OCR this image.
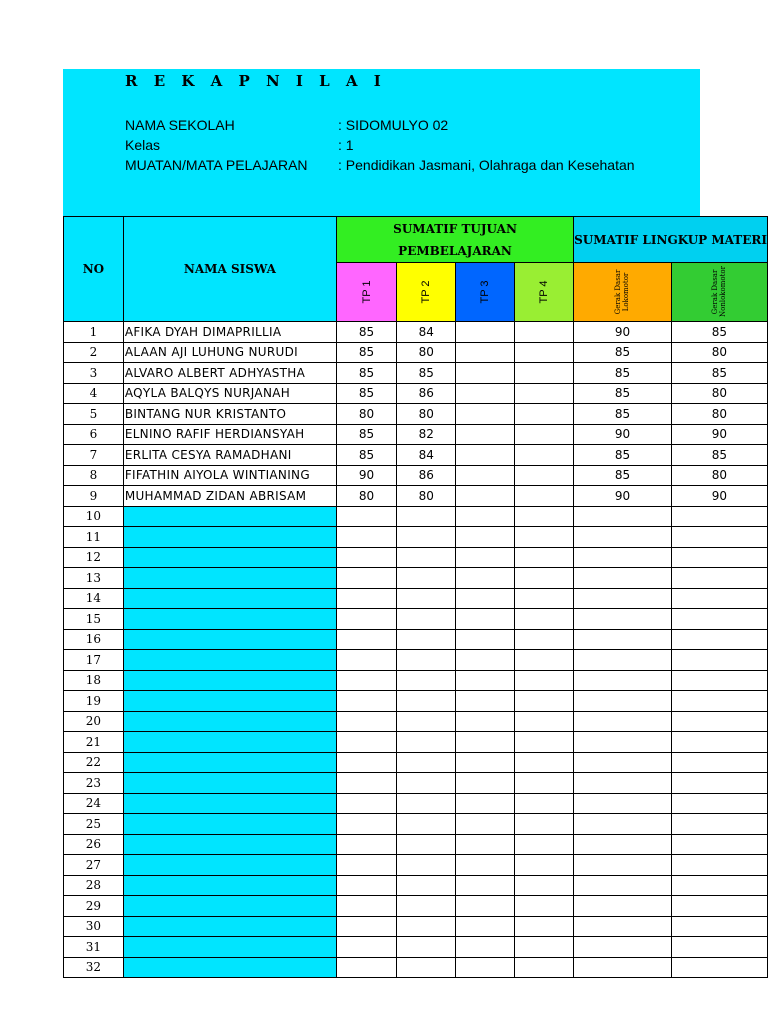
R E K A P N I L A I
NAMA SEKOLAH	: SIDOMULYO 02
Kelas	: 1
MUATAN/MATA PELAJARAN : Pendidikan Jasmani, Olahraga dan Kesehatan
NO	NAMA SISWA	SUMATIF TUJUAN PEMBELAJARAN				SUMATIF LINGKUP MATERI	

		TP 1	TP 2	TP 3	TP 4	Gerak Dasar Lokomotor	Gerak Dasar Nonlokomotor

1	AFIKA DYAH DIMAPRILLIA	85	84			90	85
2	ALAAN AJI LUHUNG NURUDI	85	80			85	80
3	ALVARO ALBERT ADHYASTHA	85	85			85	85
4	AQYLA BALQYS NURJANAH	85	86			85	80
5	BINTANG NUR KRISTANTO	80	80			85	80
6	ELNINO RAFIF HERDIANSYAH	85	82			90	90
7	ERLITA CESYA RAMADHANI	85	84			85	85
8	FIFATHIN AIYOLA WINTIANING	90	86			85	80
9	MUHAMMAD ZIDAN ABRISAM	80	80			90	90
10							
11							
12							
13							
14							
15							
16							
17							
18							
19							
20							
21							
22							
23							
24							
25							
26							
27							
28							
29							
30							
31							
32							
